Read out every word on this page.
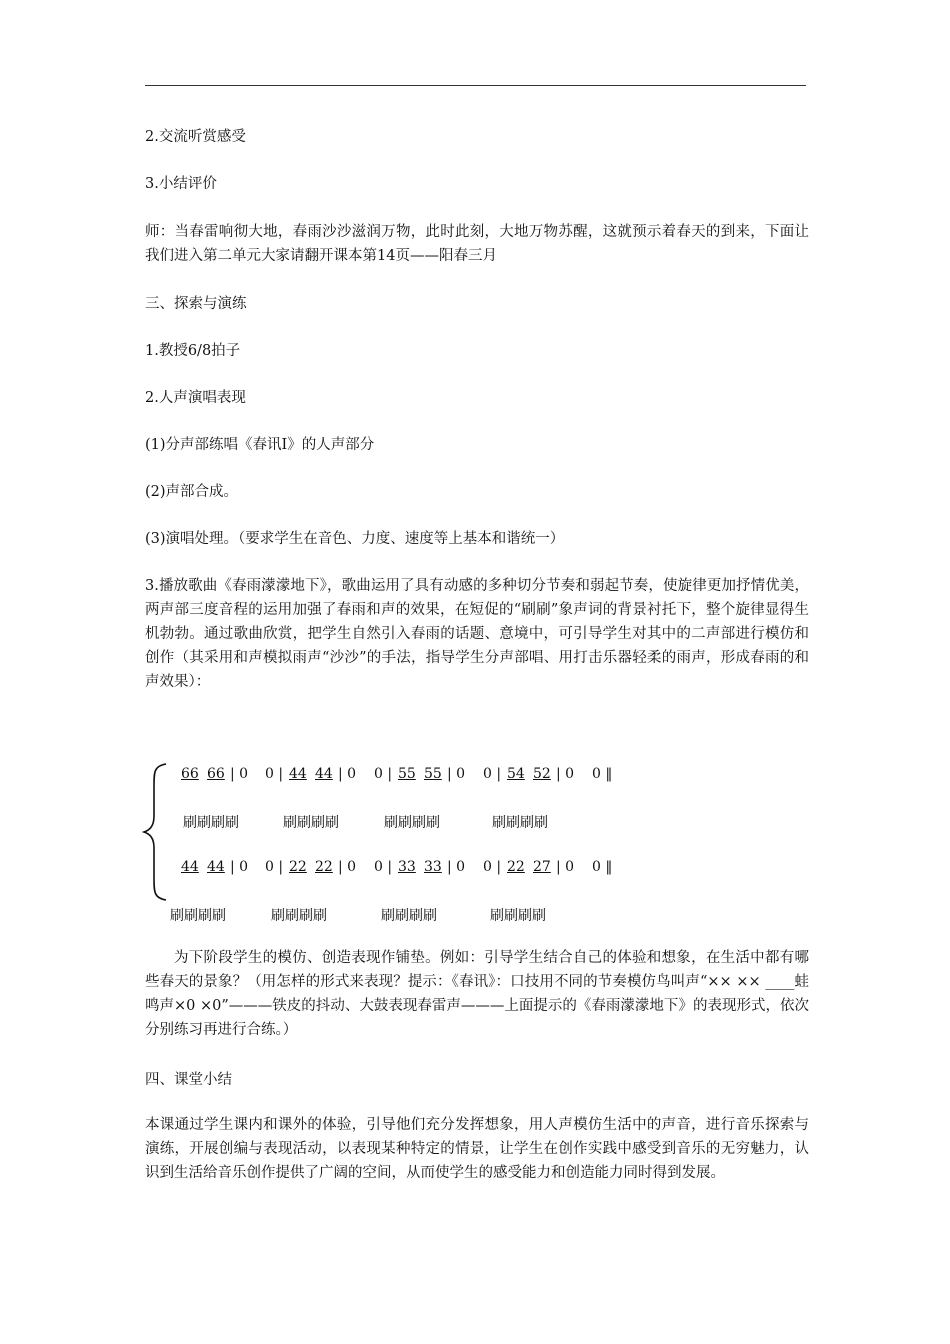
2.交流听赏感受
3.小结评价

师：当春雷响彻大地，春雨沙沙滋润万物，此时此刻，大地万物苏醒，这就预示着春天的到来，下面让我们进入第二单元大家请翻开课本第14页——阳春三月

三、探索与演练
1.教授6/8拍子
2.人声演唱表现
(1)分声部练唱《春讯Ⅰ》的人声部分
(2)声部合成。
(3)演唱处理。（要求学生在音色、力度、速度等上基本和谐统一）

3.播放歌曲《春雨濛濛地下》，歌曲运用了具有动感的多种切分节奏和弱起节奏，使旋律更加抒情优美，两声部三度音程的运用加强了春雨和声的效果，在短促的“刷刷”象声词的背景衬托下，整个旋律显得生机勃勃。通过歌曲欣赏，把学生自然引入春雨的话题、意境中，可引导学生对其中的二声部进行模仿和创作（其采用和声模拟雨声“沙沙”的手法，指导学生分声部唱、用打击乐器轻柔的雨声，形成春雨的和声效果）：

66 66 | 0 0 | 44 44 | 0 0 | 55 55 | 0 0 | 54 52 | 0 0 ‖
刷刷刷刷	刷刷刷刷	刷刷刷刷	刷刷刷刷
44 44 | 0 0 | 22 22 | 0 0 | 33 33 | 0 0 | 22 27 | 0 0 ‖
刷刷刷刷	刷刷刷刷	刷刷刷刷	刷刷刷刷

为下阶段学生的模仿、创造表现作铺垫。例如：引导学生结合自己的体验和想象，在生活中都有哪些春天的景象？（用怎样的形式来表现？提示：《春讯》：口技用不同的节奏模仿鸟叫声“×× ×× ____蛙鸣声×0 ×0”———铁皮的抖动、大鼓表现春雷声———上面提示的《春雨濛濛地下》的表现形式，依次分别练习再进行合练。）

四、课堂小结

本课通过学生课内和课外的体验，引导他们充分发挥想象，用人声模仿生活中的声音，进行音乐探索与演练，开展创编与表现活动，以表现某种特定的情景，让学生在创作实践中感受到音乐的无穷魅力，认识到生活给音乐创作提供了广阔的空间，从而使学生的感受能力和创造能力同时得到发展。
